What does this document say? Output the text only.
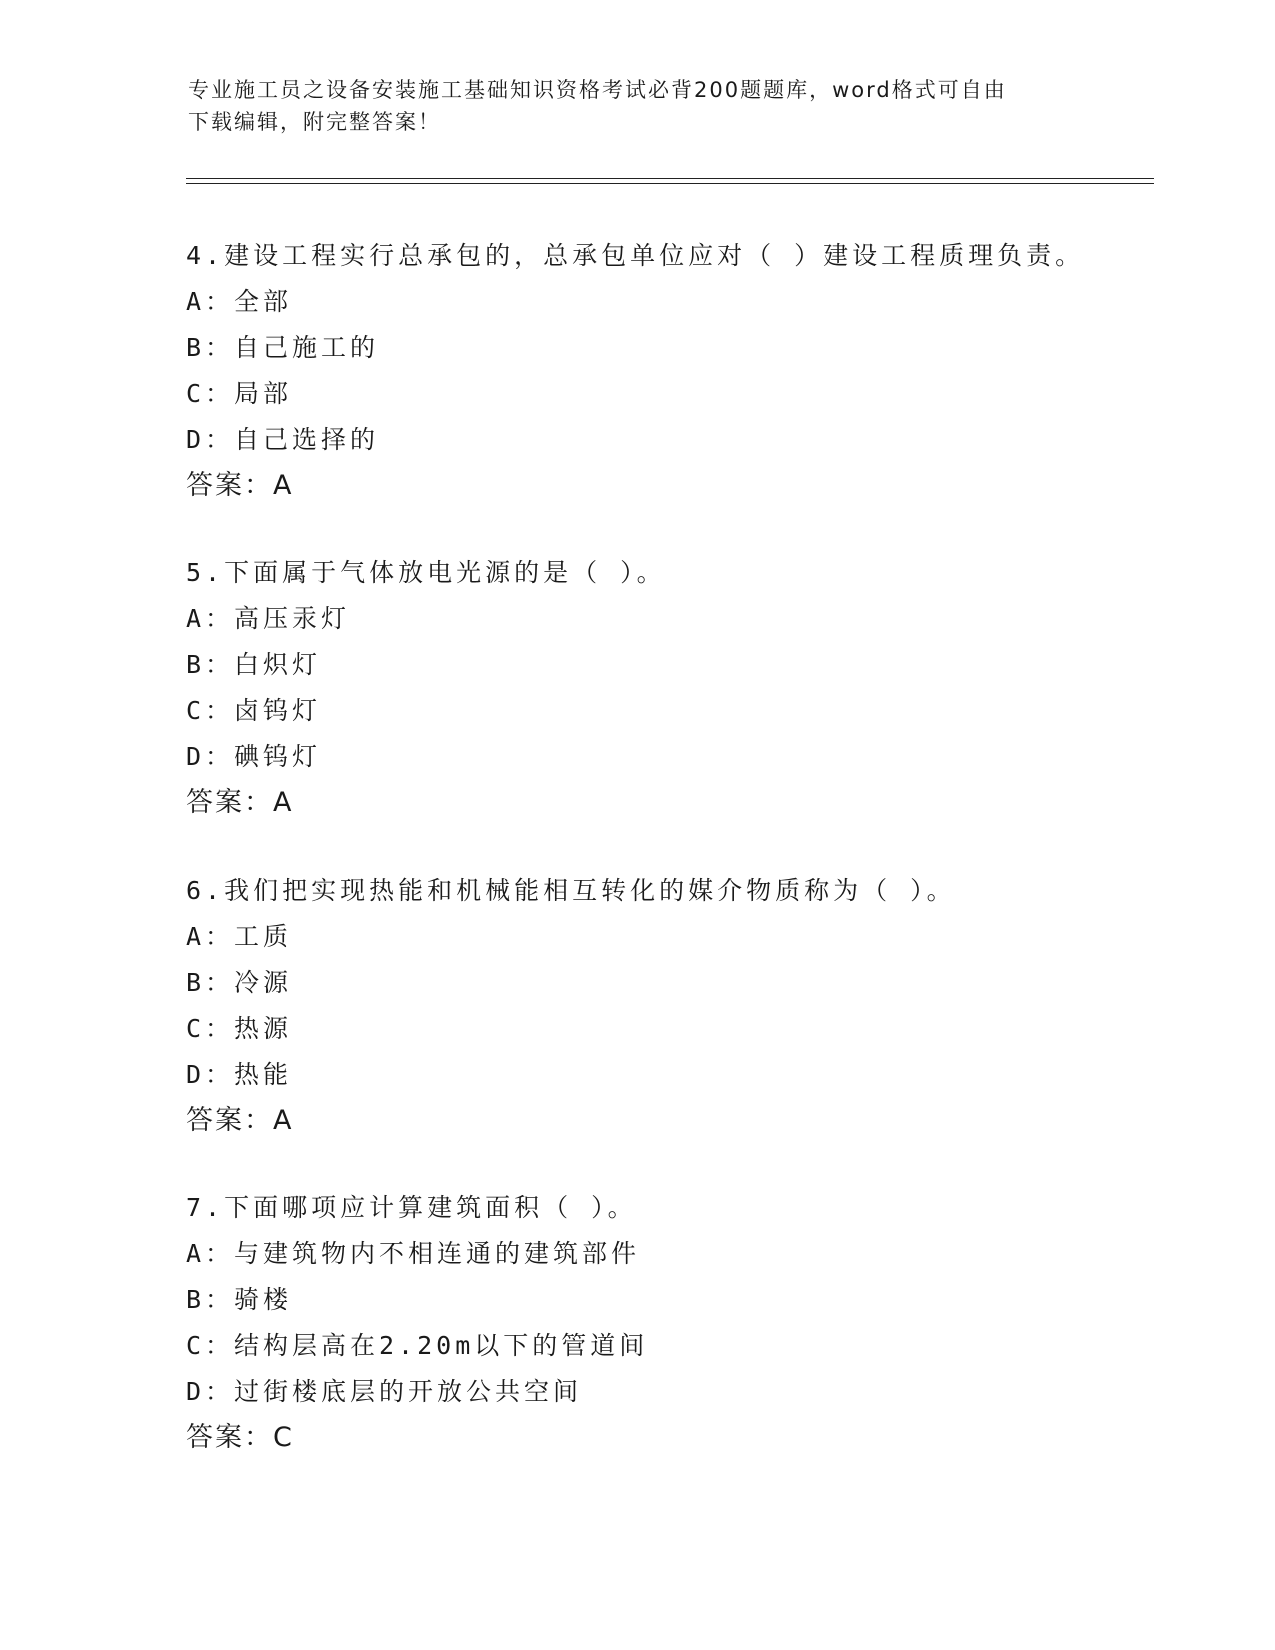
专业施工员之设备安装施工基础知识资格考试必背200题题库，word格式可自由
下载编辑，附完整答案！
4.建设工程实行总承包的，总承包单位应对（ ）建设工程质理负责。
A：全部
B：自己施工的
C：局部
D：自己选择的
答案：A
5.下面属于气体放电光源的是（ ）。
A：高压汞灯
B：白炽灯
C：卤钨灯
D：碘钨灯
答案：A
6.我们把实现热能和机械能相互转化的媒介物质称为（ ）。
A：工质
B：冷源
C：热源
D：热能
答案：A
7.下面哪项应计算建筑面积（ ）。
A：与建筑物内不相连通的建筑部件
B：骑楼
C：结构层高在2.20m以下的管道间
D：过街楼底层的开放公共空间
答案：C
